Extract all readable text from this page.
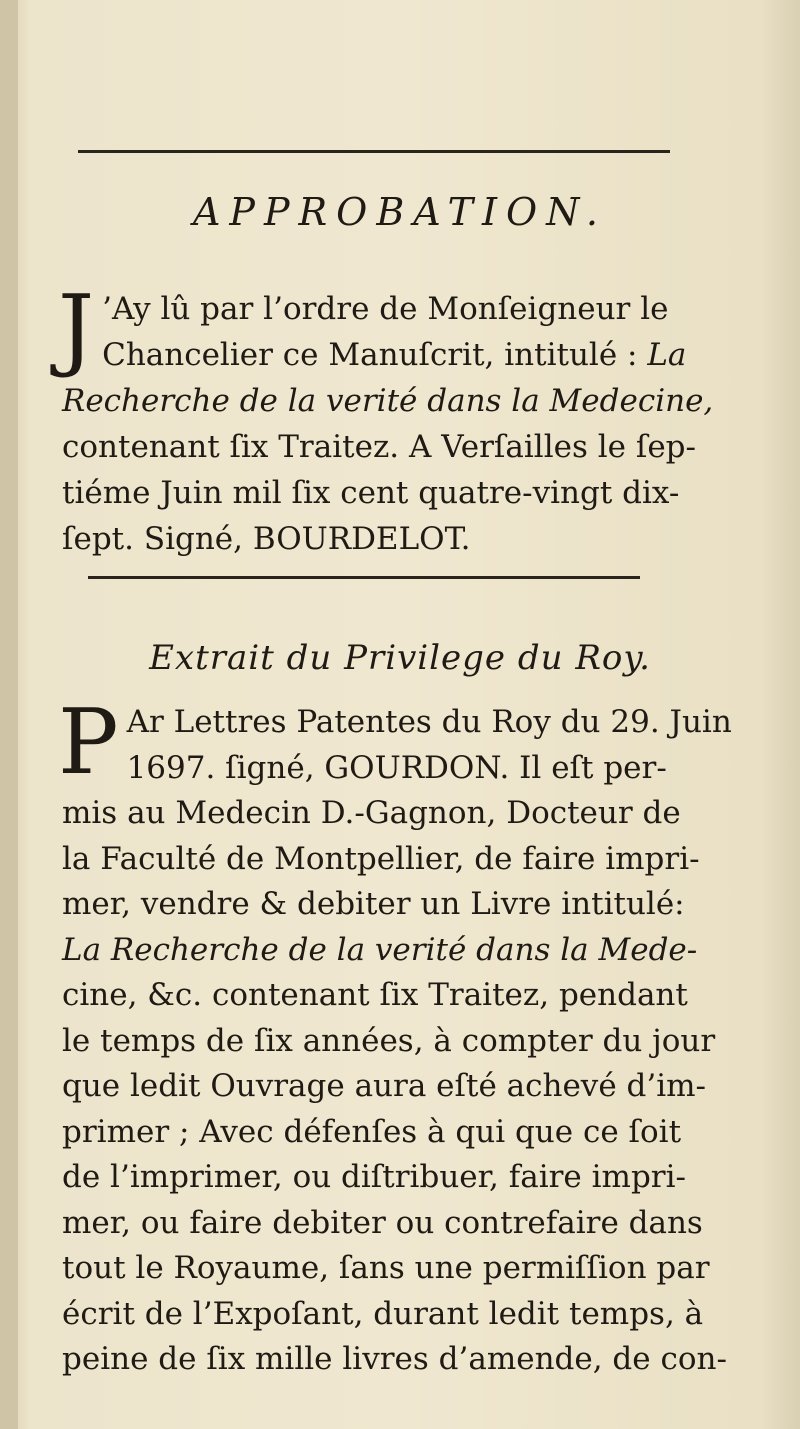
APPROBATION.
J ’Ay lû par l’ordre de Monſeigneur le
Chancelier ce Manuſcrit, intitulé : La
Recherche de la verité dans la Medecine,
contenant ſix Traitez. A Verſailles le ſep-
tiéme Juin mil ſix cent quatre-vingt dix-
ſept. Signé, BOURDELOT.
Extrait du Privilege du Roy.
P Ar Lettres Patentes du Roy du 29. Juin
1697. ſigné, GOURDON. Il eſt per-
mis au Medecin D.-Gagnon, Docteur de
la Faculté de Montpellier, de faire impri-
mer, vendre & debiter un Livre intitulé:
La Recherche de la verité dans la Mede-
cine, &c. contenant ſix Traitez, pendant
le temps de ſix années, à compter du jour
que ledit Ouvrage aura eſté achevé d’im-
primer ; Avec défenſes à qui que ce ſoit
de l’imprimer, ou diſtribuer, faire impri-
mer, ou faire debiter ou contrefaire dans
tout le Royaume, ſans une permiſſion par
écrit de l’Expoſant, durant ledit temps, à
peine de ſix mille livres d’amende, de con-
